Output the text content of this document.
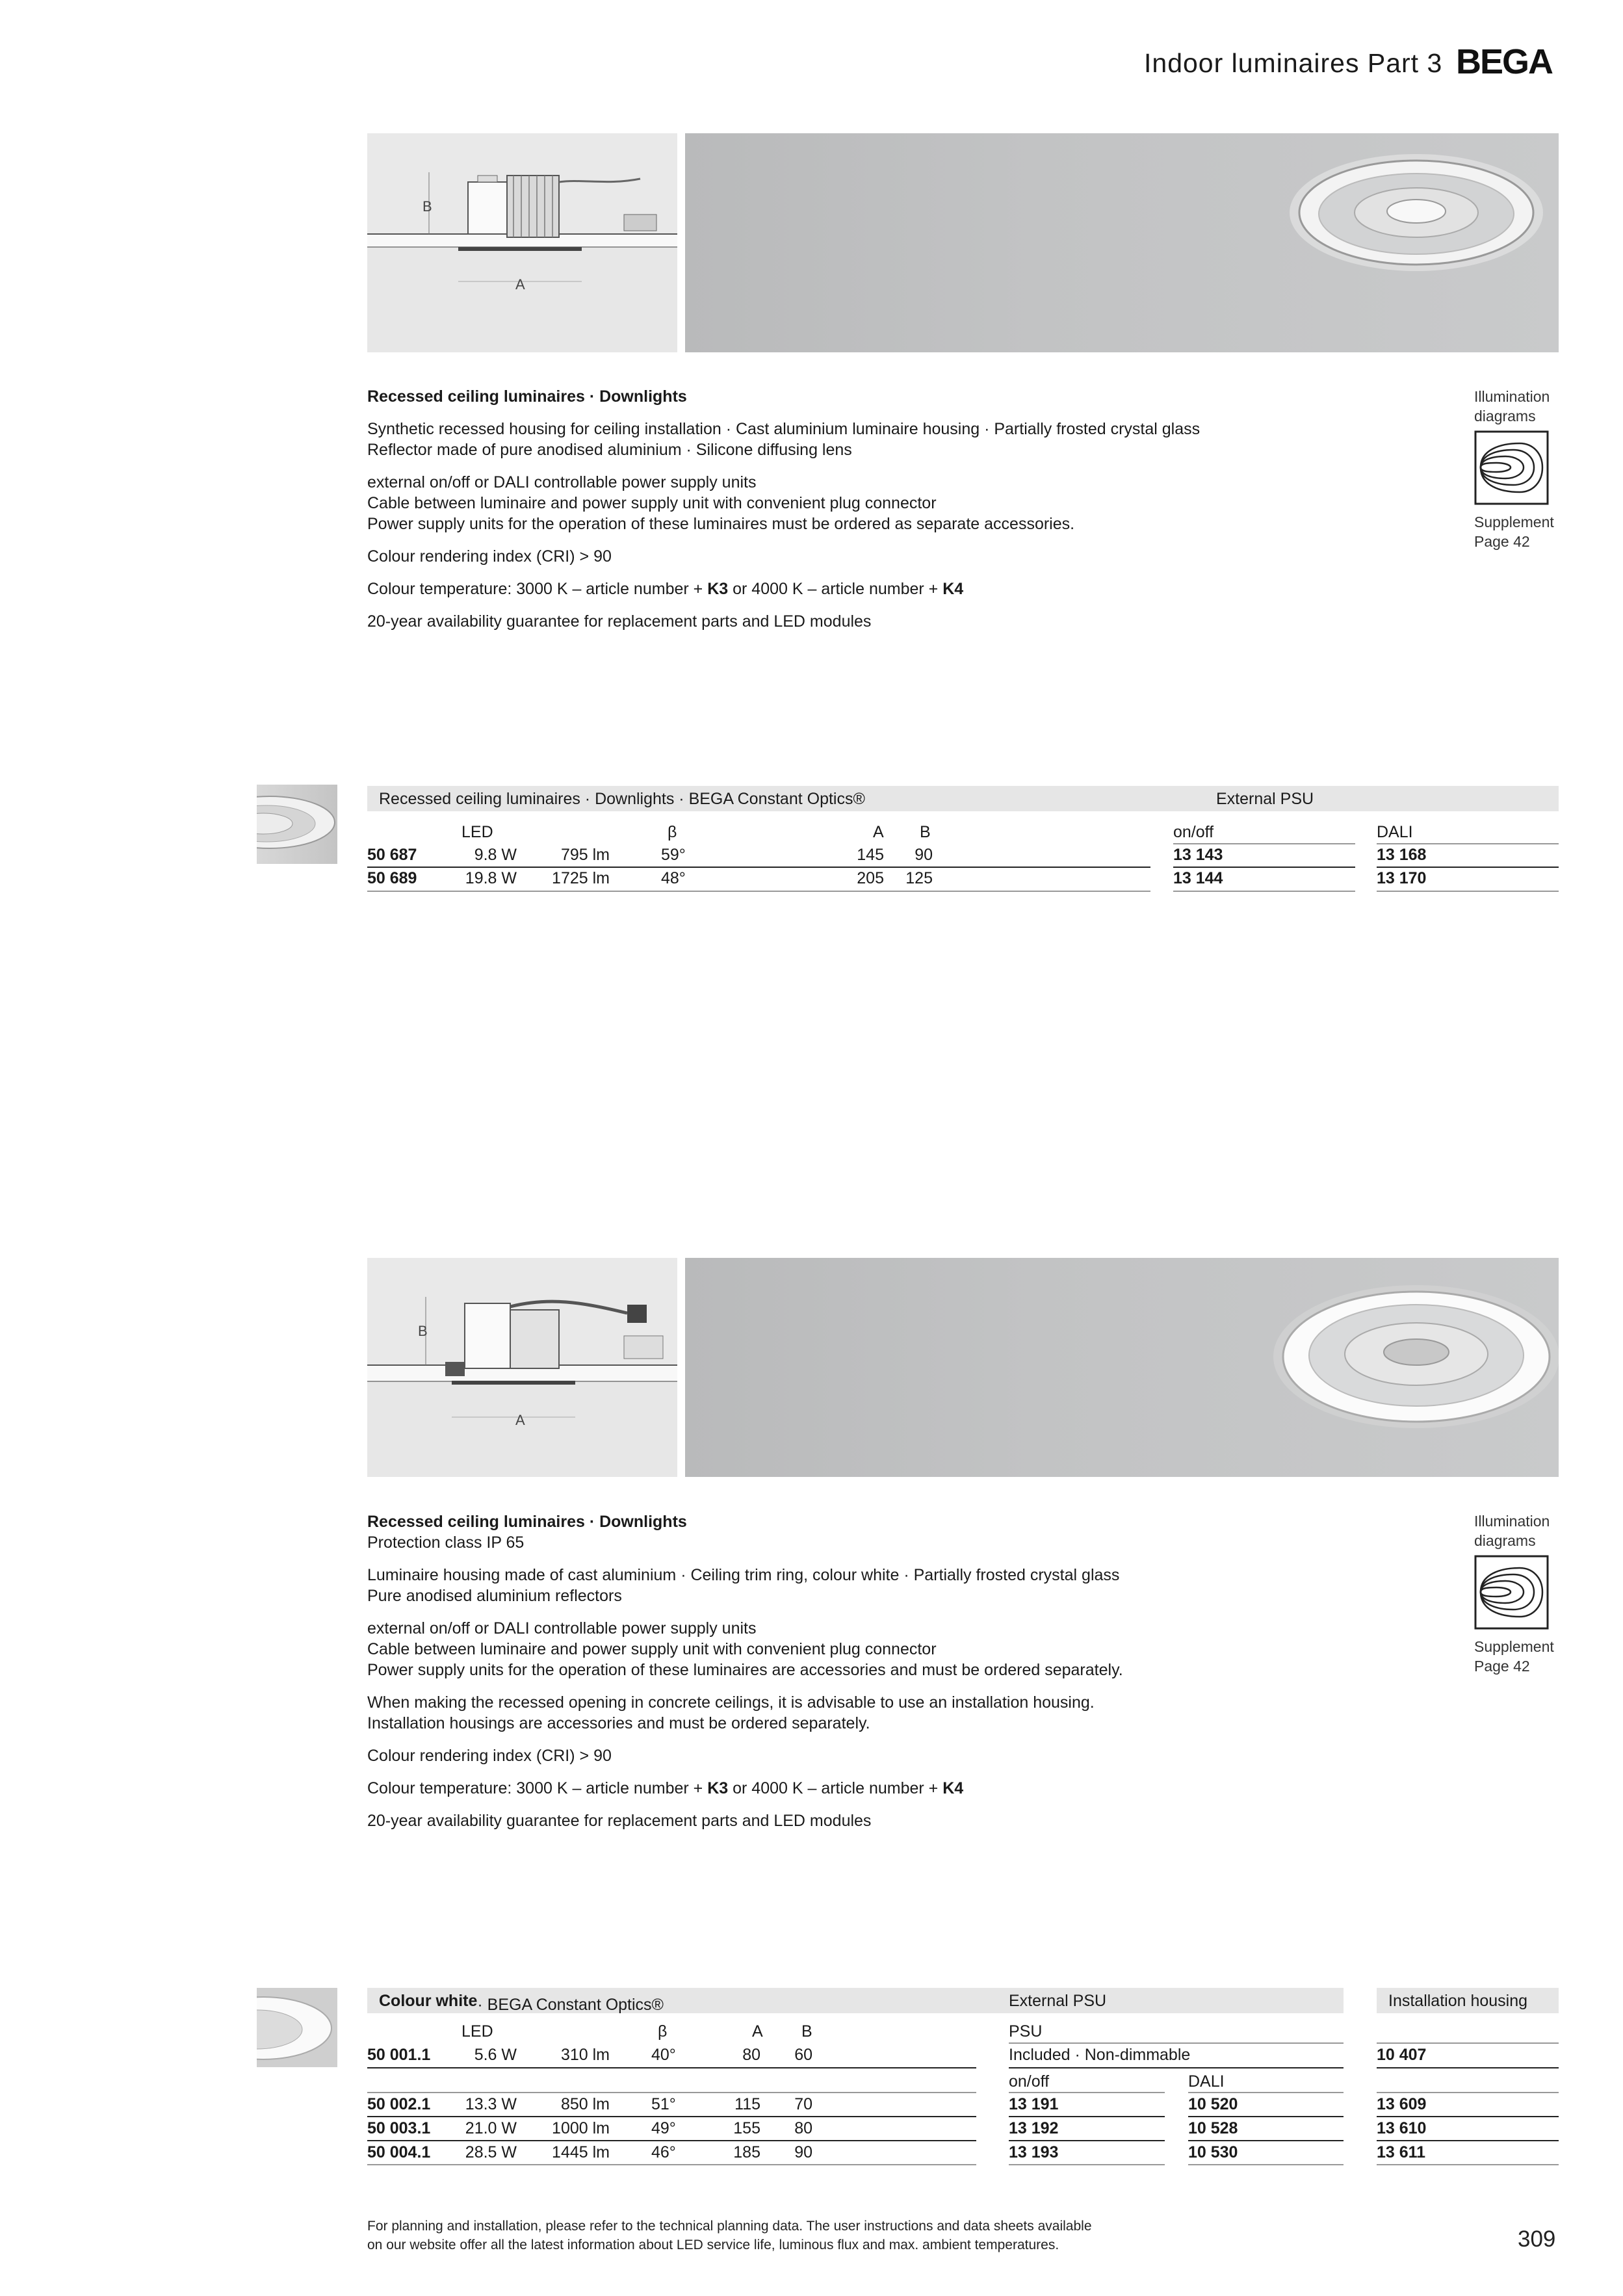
Indoor luminaires Part 3 BEGA
B
A
Recessed ceiling luminaires · Downlights
Synthetic recessed housing for ceiling installation · Cast aluminium luminaire housing · Partially frosted crystal glass
Reflector made of pure anodised aluminium · Silicone diffusing lens
external on/off or DALI controllable power supply units
Cable between luminaire and power supply unit with convenient plug connector
Power supply units for the operation of these luminaires must be ordered as separate accessories.
Colour rendering index (CRI) > 90
Colour temperature: 3000 K – article number + K3 or 4000 K – article number + K4
20-year availability guarantee for replacement parts and LED modules
Illumination
diagrams
Supplement
Page 42
Recessed ceiling luminaires · Downlights · BEGA Constant Optics®	External PSU
LED	β	A B	on/off	DALI
50 687	9.8 W	795 lm	59°	145	90	13 143	13 168
50 689	19.8 W	1725 lm	48°	205	125	13 144	13 170
B
A
Recessed ceiling luminaires · Downlights
Protection class IP 65
Luminaire housing made of cast aluminium · Ceiling trim ring, colour white · Partially frosted crystal glass
Pure anodised aluminium reflectors
external on/off or DALI controllable power supply units
Cable between luminaire and power supply unit with convenient plug connector
Power supply units for the operation of these luminaires are accessories and must be ordered separately.
When making the recessed opening in concrete ceilings, it is advisable to use an installation housing.
Installation housings are accessories and must be ordered separately.
Colour rendering index (CRI) > 90
Colour temperature: 3000 K – article number + K3 or 4000 K – article number + K4
20-year availability guarantee for replacement parts and LED modules
Illumination
diagrams
Supplement
Page 42
Colour white · BEGA Constant Optics®	External PSU	Installation housing
LED	β	A B	PSU
50 001.1	5.6 W	310 lm	40°	80	60	Included · Non-dimmable	10 407
on/off	DALI
50 002.1	13.3 W	850 lm	51°	115	70	13 191	10 520	13 609
50 003.1	21.0 W	1000 lm	49°	155	80	13 192	10 528	13 610
50 004.1	28.5 W	1445 lm	46°	185	90	13 193	10 530	13 611
For planning and installation, please refer to the technical planning data. The user instructions and data sheets available
on our website offer all the latest information about LED service life, luminous flux and max. ambient temperatures.	309
